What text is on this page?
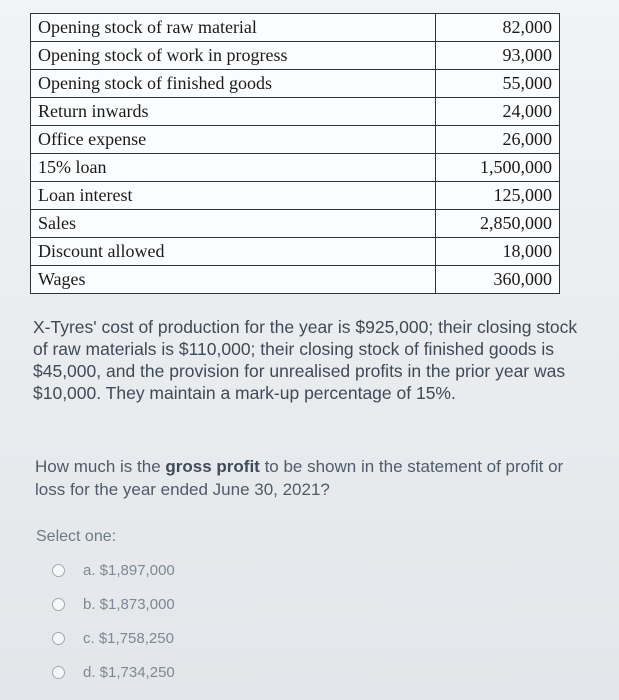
Opening stock of raw material	82,000
Opening stock of work in progress	93,000
Opening stock of finished goods	55,000
Return inwards	24,000
Office expense	26,000
15% loan	1,500,000
Loan interest	125,000
Sales	2,850,000
Discount allowed	18,000
Wages	360,000

X-Tyres' cost of production for the year is $925,000; their closing stock of raw materials is $110,000; their closing stock of finished goods is $45,000, and the provision for unrealised profits in the prior year was $10,000. They maintain a mark-up percentage of 15%.

How much is the gross profit to be shown in the statement of profit or loss for the year ended June 30, 2021?

Select one:
a. $1,897,000
b. $1,873,000
c. $1,758,250
d. $1,734,250
